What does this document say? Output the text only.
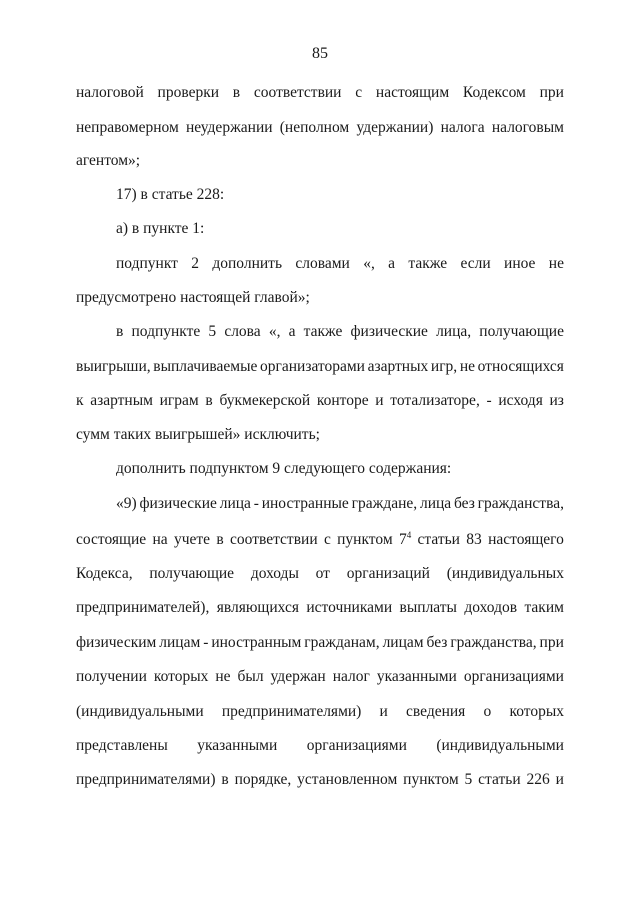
85
налоговой проверки в соответствии с настоящим Кодексом при
неправомерном неудержании (неполном удержании) налога налоговым
агентом»;
17) в статье 228:
а) в пункте 1:
подпункт 2 дополнить словами «, а также если иное не
предусмотрено настоящей главой»;
в подпункте 5 слова «, а также физические лица, получающие
выигрыши, выплачиваемые организаторами азартных игр, не относящихся
к азартным играм в букмекерской конторе и тотализаторе, - исходя из
сумм таких выигрышей» исключить;
дополнить подпунктом 9 следующего содержания:
«9) физические лица - иностранные граждане, лица без гражданства,
состоящие на учете в соответствии с пунктом $7^4$ статьи 83 настоящего
Кодекса, получающие доходы от организаций (индивидуальных
предпринимателей), являющихся источниками выплаты доходов таким
физическим лицам - иностранным гражданам, лицам без гражданства, при
получении которых не был удержан налог указанными организациями
(индивидуальными предпринимателями) и сведения о которых
представлены указанными организациями (индивидуальными
предпринимателями) в порядке, установленном пунктом 5 статьи 226 и
